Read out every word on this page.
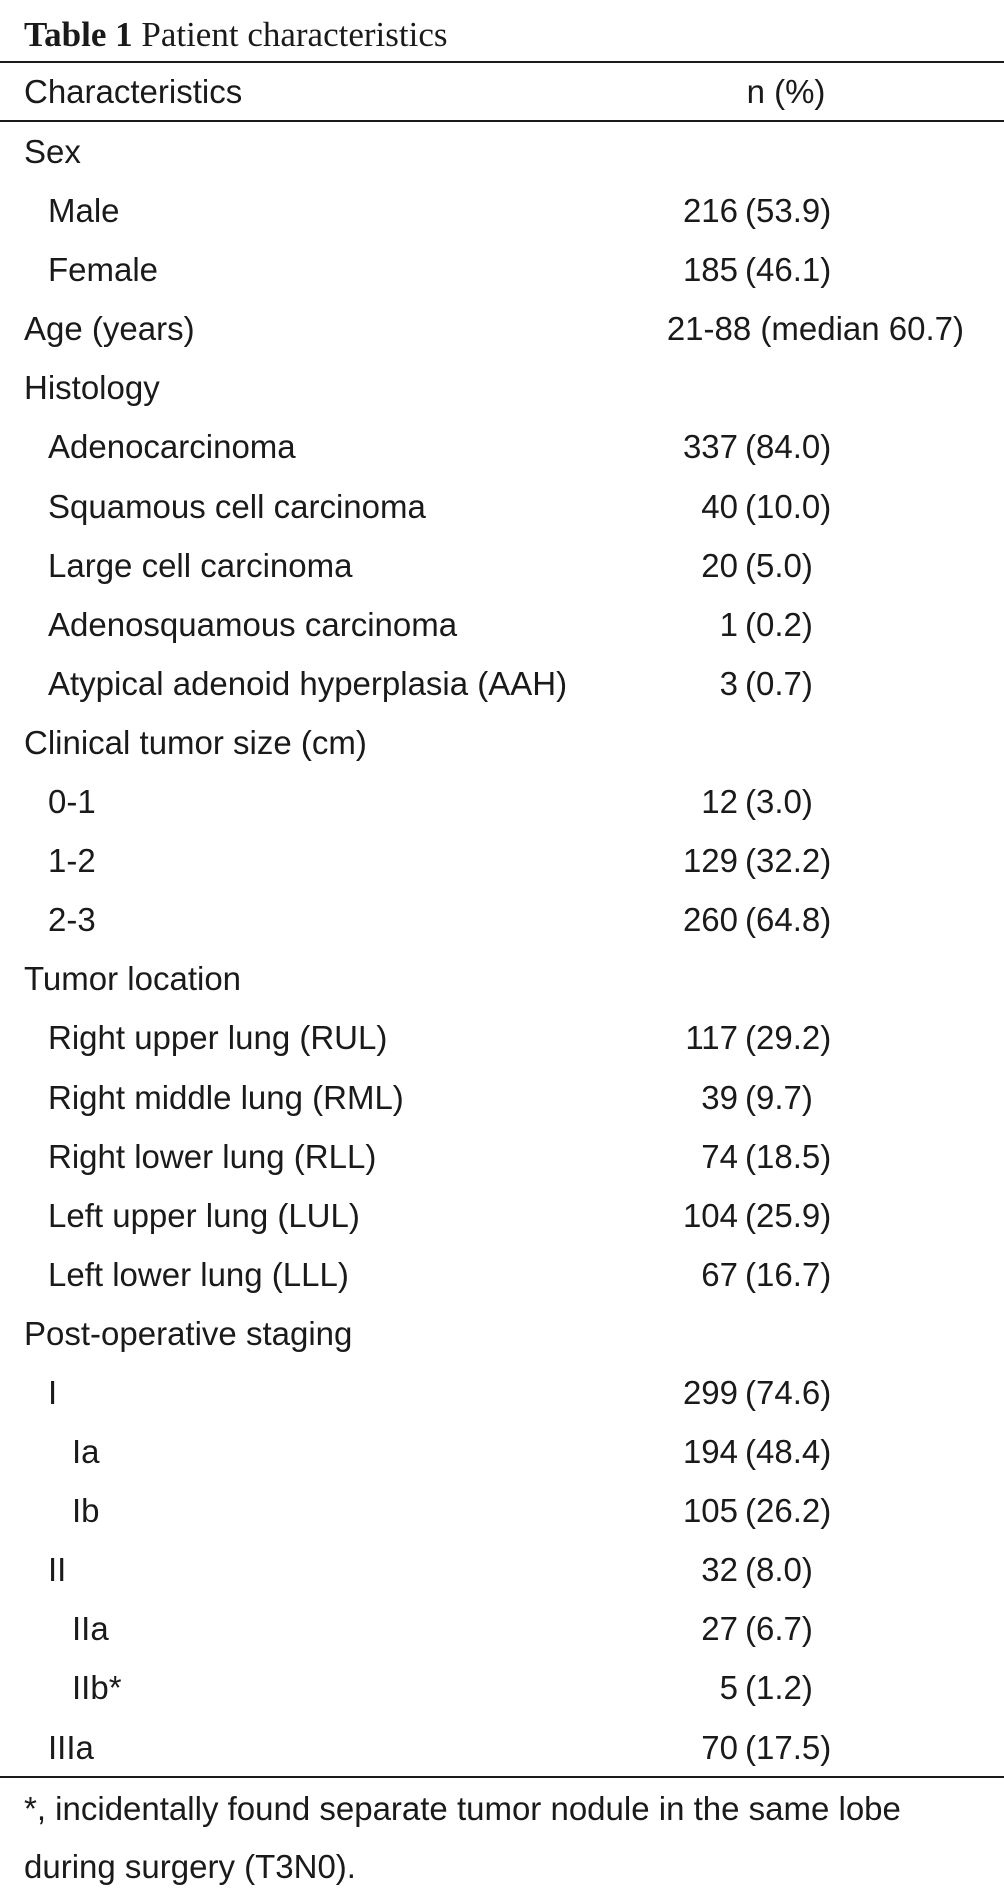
Table 1 Patient characteristics
Characteristics	n (%)
Sex
Male	216 (53.9)
Female	185 (46.1)
Age (years)	21-88 (median 60.7)
Histology
Adenocarcinoma	337 (84.0)
Squamous cell carcinoma	40 (10.0)
Large cell carcinoma	20 (5.0)
Adenosquamous carcinoma	1 (0.2)
Atypical adenoid hyperplasia (AAH)	3 (0.7)
Clinical tumor size (cm)
0-1	12 (3.0)
1-2	129 (32.2)
2-3	260 (64.8)
Tumor location
Right upper lung (RUL)	117 (29.2)
Right middle lung (RML)	39 (9.7)
Right lower lung (RLL)	74 (18.5)
Left upper lung (LUL)	104 (25.9)
Left lower lung (LLL)	67 (16.7)
Post-operative staging
I	299 (74.6)
Ia	194 (48.4)
Ib	105 (26.2)
II	32 (8.0)
IIa	27 (6.7)
IIb*	5 (1.2)
IIIa	70 (17.5)
*, incidentally found separate tumor nodule in the same lobe during surgery (T3N0).
